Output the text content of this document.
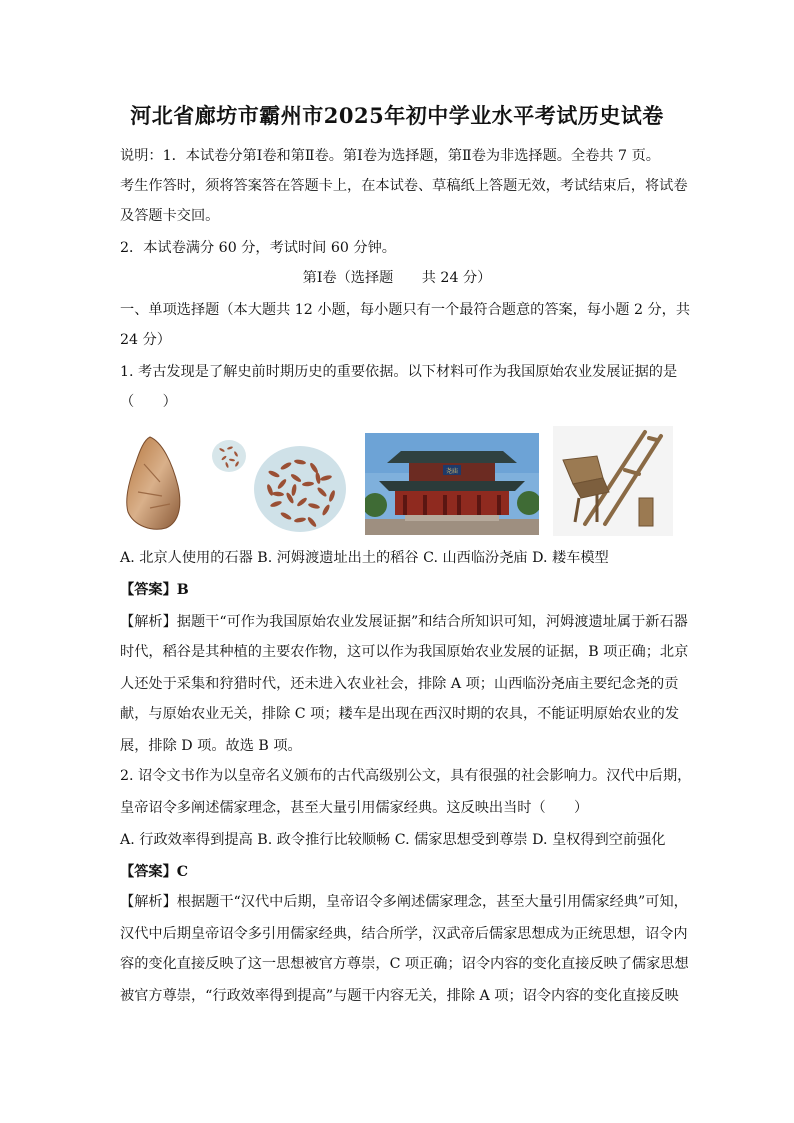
河北省廊坊市霸州市2025年初中学业水平考试历史试卷
说明：1．本试卷分第Ⅰ卷和第Ⅱ卷。第Ⅰ卷为选择题，第Ⅱ卷为非选择题。全卷共 7 页。
考生作答时，须将答案答在答题卡上，在本试卷、草稿纸上答题无效，考试结束后，将试卷
及答题卡交回。
2．本试卷满分 60 分，考试时间 60 分钟。
第Ⅰ卷（选择题　　共 24 分）
一、单项选择题（本大题共 12 小题，每小题只有一个最符合题意的答案，每小题 2 分，共
24 分）
1. 考古发现是了解史前时期历史的重要依据。以下材料可作为我国原始农业发展证据的是
（　　）
尧庙
A. 北京人使用的石器 B. 河姆渡遗址出土的稻谷 C. 山西临汾尧庙 D. 耧车模型
【答案】B
【解析】据题干“可作为我国原始农业发展证据”和结合所知识可知，河姆渡遗址属于新石器
时代，稻谷是其种植的主要农作物，这可以作为我国原始农业发展的证据，B 项正确；北京
人还处于采集和狩猎时代，还未进入农业社会，排除 A 项；山西临汾尧庙主要纪念尧的贡
献，与原始农业无关，排除 C 项；耧车是出现在西汉时期的农具，不能证明原始农业的发
展，排除 D 项。故选 B 项。
2. 诏令文书作为以皇帝名义颁布的古代高级别公文，具有很强的社会影响力。汉代中后期，
皇帝诏令多阐述儒家理念，甚至大量引用儒家经典。这反映出当时（　　）
A. 行政效率得到提高 B. 政令推行比较顺畅 C. 儒家思想受到尊崇 D. 皇权得到空前强化
【答案】C
【解析】根据题干“汉代中后期，皇帝诏令多阐述儒家理念，甚至大量引用儒家经典”可知，
汉代中后期皇帝诏令多引用儒家经典，结合所学，汉武帝后儒家思想成为正统思想，诏令内
容的变化直接反映了这一思想被官方尊崇，C 项正确；诏令内容的变化直接反映了儒家思想
被官方尊崇，“行政效率得到提高”与题干内容无关，排除 A 项；诏令内容的变化直接反映
